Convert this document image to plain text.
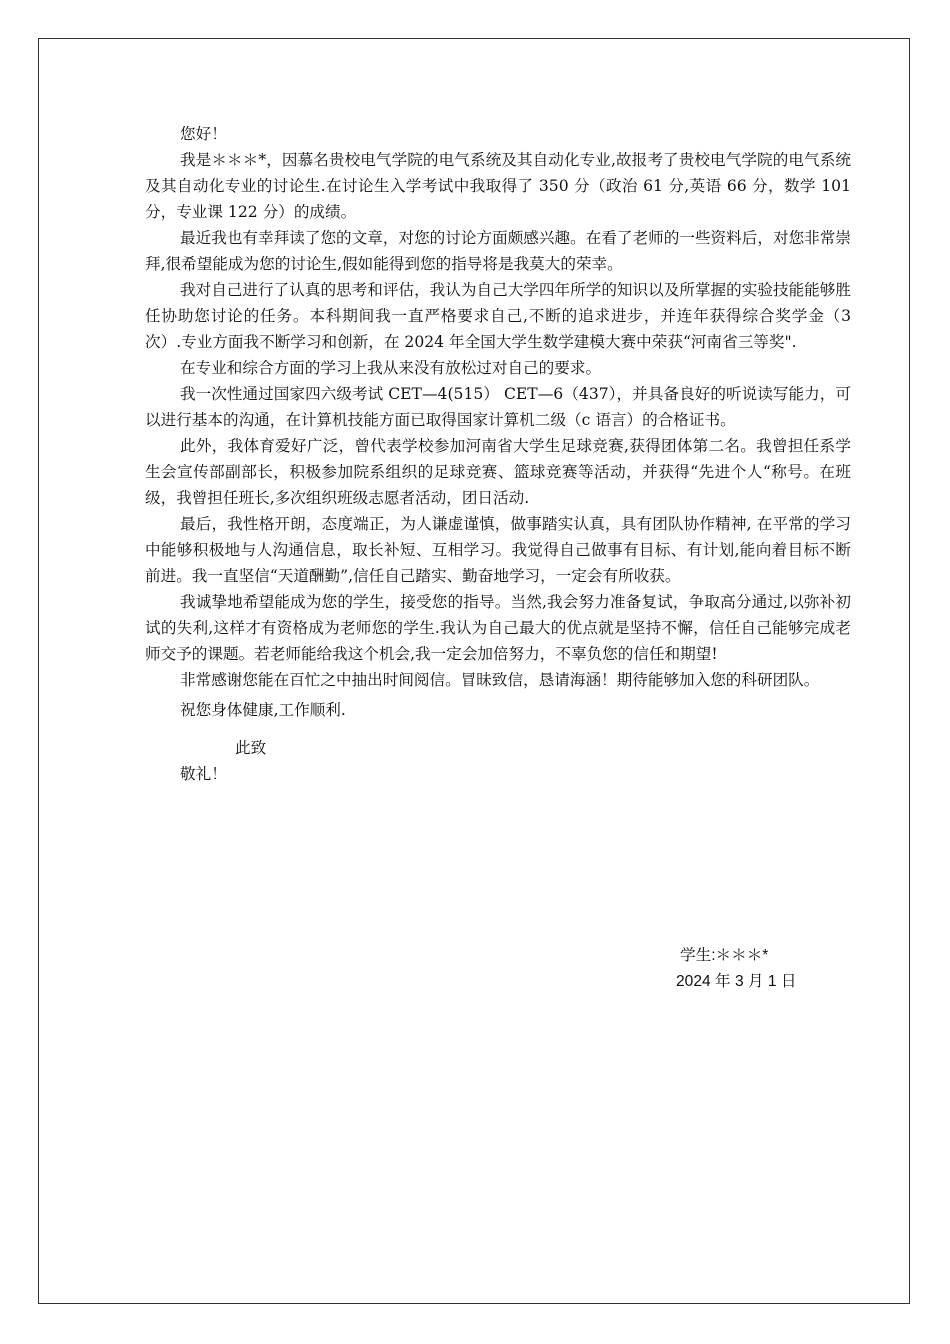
您好！

我是＊＊＊*，因慕名贵校电气学院的电气系统及其自动化专业,故报考了贵校电气学院的电气系统及其自动化专业的讨论生.在讨论生入学考试中我取得了 350 分（政治 61 分,英语 66 分，数学 101 分，专业课 122 分）的成绩。

最近我也有幸拜读了您的文章，对您的讨论方面颇感兴趣。在看了老师的一些资料后，对您非常崇拜,很希望能成为您的讨论生,假如能得到您的指导将是我莫大的荣幸。

我对自己进行了认真的思考和评估，我认为自己大学四年所学的知识以及所掌握的实验技能能够胜任协助您讨论的任务。本科期间我一直严格要求自己,不断的追求进步，并连年获得综合奖学金（3 次）.专业方面我不断学习和创新，在 2024 年全国大学生数学建模大赛中荣获“河南省三等奖".

在专业和综合方面的学习上我从来没有放松过对自己的要求。

我一次性通过国家四六级考试 CET—4(515） CET—6（437），并具备良好的听说读写能力，可以进行基本的沟通，在计算机技能方面已取得国家计算机二级（c 语言）的合格证书。

此外，我体育爱好广泛，曾代表学校参加河南省大学生足球竞赛,获得团体第二名。我曾担任系学生会宣传部副部长，积极参加院系组织的足球竞赛、篮球竞赛等活动，并获得“先进个人“称号。在班级，我曾担任班长,多次组织班级志愿者活动，团日活动.

最后，我性格开朗，态度端正，为人谦虚谨慎，做事踏实认真，具有团队协作精神, 在平常的学习中能够积极地与人沟通信息，取长补短、互相学习。我觉得自己做事有目标、有计划,能向着目标不断前进。我一直坚信“天道酬勤”,信任自己踏实、勤奋地学习，一定会有所收获。

我诚挚地希望能成为您的学生，接受您的指导。当然,我会努力准备复试，争取高分通过,以弥补初试的失利,这样才有资格成为老师您的学生.我认为自己最大的优点就是坚持不懈，信任自己能够完成老师交予的课题。若老师能给我这个机会,我一定会加倍努力，不辜负您的信任和期望!

非常感谢您能在百忙之中抽出时间阅信。冒昧致信，恳请海涵！期待能够加入您的科研团队。

祝您身体健康,工作顺利.

此致

敬礼！

学生:＊＊＊*
2024 年 3 月 1 日
